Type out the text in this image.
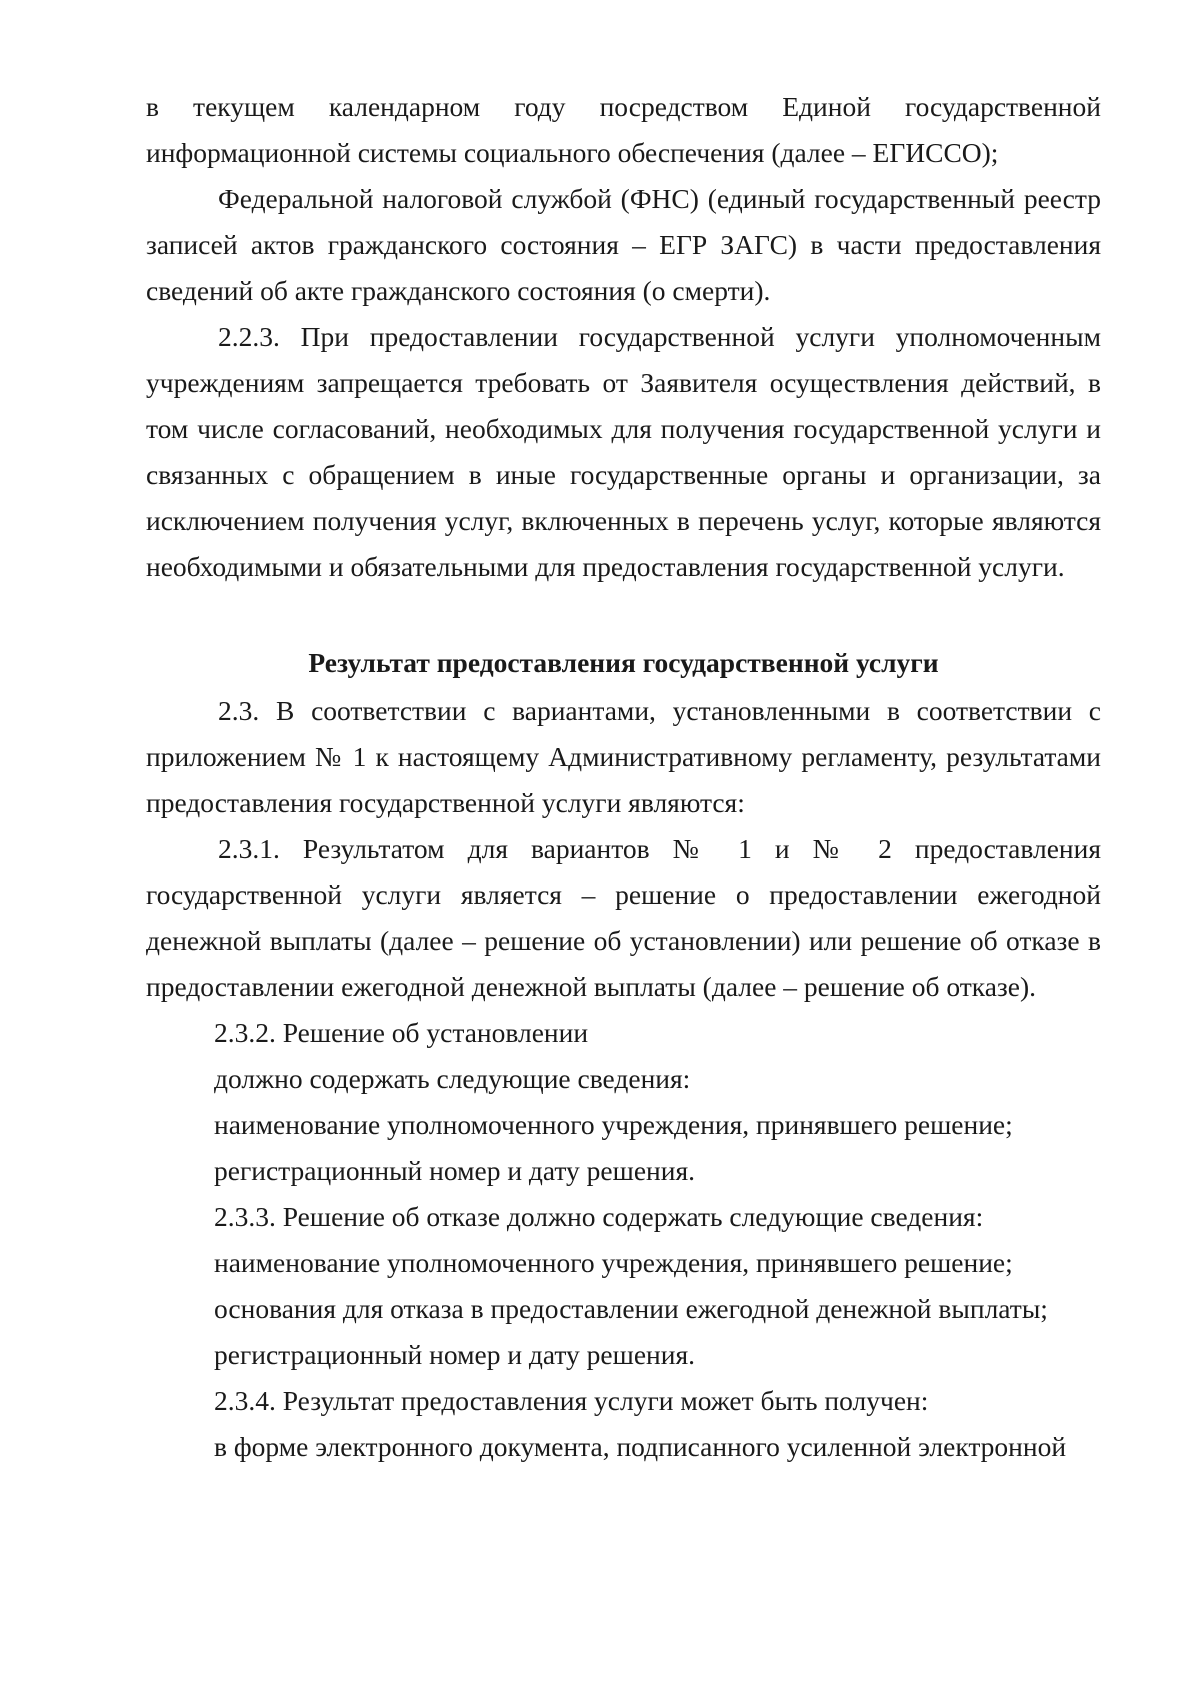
в текущем календарном году посредством Единой государственной информационной системы социального обеспечения (далее – ЕГИССО);

Федеральной налоговой службой (ФНС) (единый государственный реестр записей актов гражданского состояния – ЕГР ЗАГС) в части предоставления сведений об акте гражданского состояния (о смерти).

2.2.3. При предоставлении государственной услуги уполномоченным учреждениям запрещается требовать от Заявителя осуществления действий, в том числе согласований, необходимых для получения государственной услуги и связанных с обращением в иные государственные органы и организации, за исключением получения услуг, включенных в перечень услуг, которые являются необходимыми и обязательными для предоставления государственной услуги.

Результат предоставления государственной услуги

2.3. В соответствии с вариантами, установленными в соответствии с приложением № 1 к настоящему Административному регламенту, результатами предоставления государственной услуги являются:

2.3.1. Результатом для вариантов № 1 и № 2 предоставления государственной услуги является – решение о предоставлении ежегодной денежной выплаты (далее – решение об установлении) или решение об отказе в предоставлении ежегодной денежной выплаты (далее – решение об отказе).

2.3.2. Решение об установлении

должно содержать следующие сведения:

наименование уполномоченного учреждения, принявшего решение;

регистрационный номер и дату решения.

2.3.3. Решение об отказе должно содержать следующие сведения:

наименование уполномоченного учреждения, принявшего решение;

основания для отказа в предоставлении ежегодной денежной выплаты;

регистрационный номер и дату решения.

2.3.4. Результат предоставления услуги может быть получен:

в форме электронного документа, подписанного усиленной электронной
